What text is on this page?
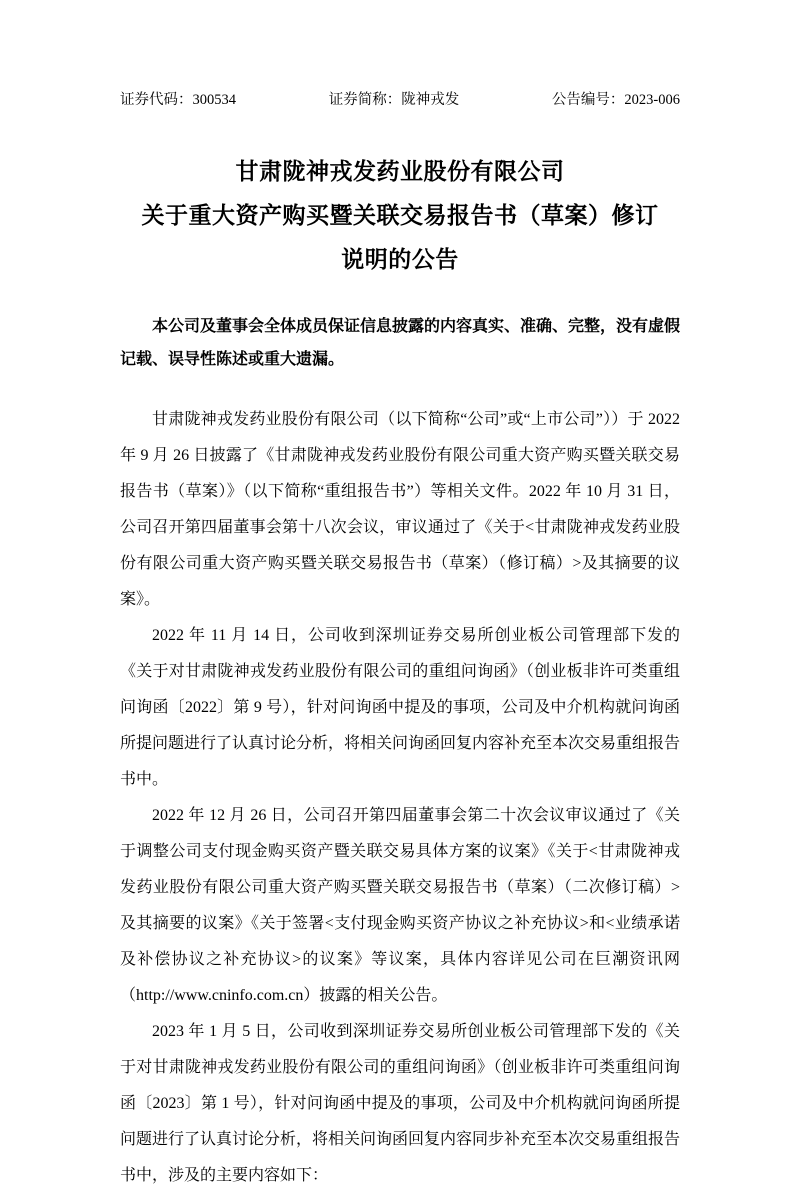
证券代码：300534	证券简称：陇神戎发	公告编号：2023-006
甘肃陇神戎发药业股份有限公司
关于重大资产购买暨关联交易报告书（草案）修订
说明的公告

本公司及董事会全体成员保证信息披露的内容真实、准确、完整，没有虚假记载、误导性陈述或重大遗漏。

甘肃陇神戎发药业股份有限公司（以下简称“公司”或“上市公司”））于 2022 年 9 月 26 日披露了《甘肃陇神戎发药业股份有限公司重大资产购买暨关联交易报告书（草案）》（以下简称“重组报告书”）等相关文件。2022 年 10 月 31 日，公司召开第四届董事会第十八次会议，审议通过了《关于<甘肃陇神戎发药业股份有限公司重大资产购买暨关联交易报告书（草案）（修订稿）>及其摘要的议案》。

2022 年 11 月 14 日，公司收到深圳证券交易所创业板公司管理部下发的《关于对甘肃陇神戎发药业股份有限公司的重组问询函》（创业板非许可类重组问询函〔2022〕第 9 号），针对问询函中提及的事项，公司及中介机构就问询函所提问题进行了认真讨论分析，将相关问询函回复内容补充至本次交易重组报告书中。

2022 年 12 月 26 日，公司召开第四届董事会第二十次会议审议通过了《关于调整公司支付现金购买资产暨关联交易具体方案的议案》《关于<甘肃陇神戎发药业股份有限公司重大资产购买暨关联交易报告书（草案）（二次修订稿）>及其摘要的议案》《关于签署<支付现金购买资产协议之补充协议>和<业绩承诺及补偿协议之补充协议>的议案》等议案，具体内容详见公司在巨潮资讯网（http://www.cninfo.com.cn）披露的相关公告。

2023 年 1 月 5 日，公司收到深圳证券交易所创业板公司管理部下发的《关于对甘肃陇神戎发药业股份有限公司的重组问询函》（创业板非许可类重组问询函〔2023〕第 1 号），针对问询函中提及的事项，公司及中介机构就问询函所提问题进行了认真讨论分析，将相关问询函回复内容同步补充至本次交易重组报告书中，涉及的主要内容如下：
